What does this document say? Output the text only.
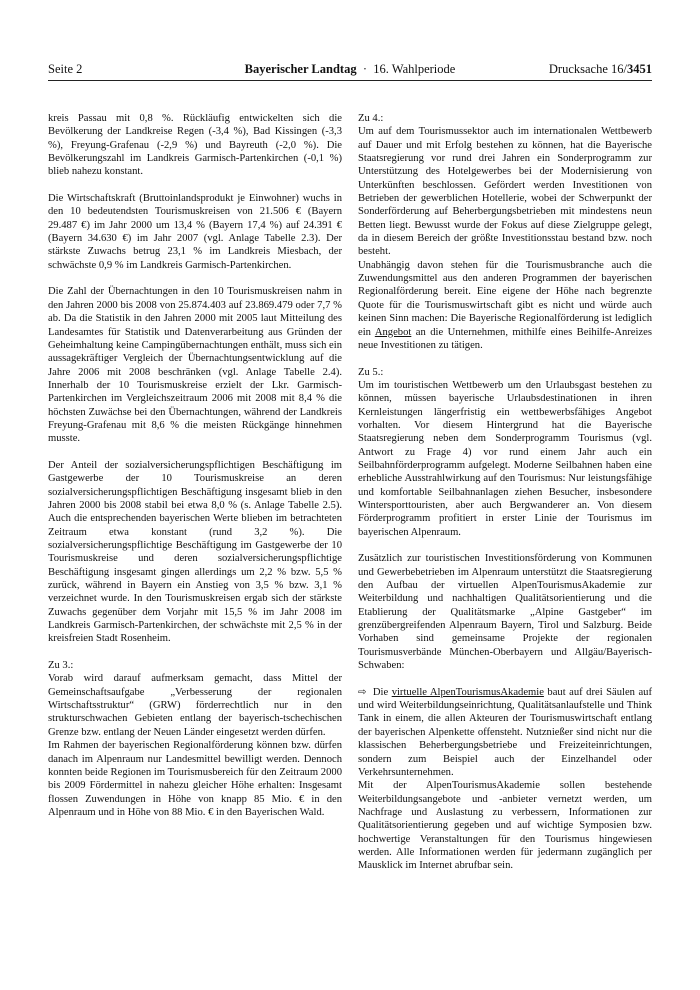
Seite 2	Bayerischer Landtag · 16. Wahlperiode	Drucksache 16/3451

kreis Passau mit 0,8 %. Rückläufig entwickelten sich die Bevölkerung der Landkreise Regen (-3,4 %), Bad Kissingen (-3,3 %), Freyung-Grafenau (-2,9 %) und Bayreuth (-2,0 %). Die Bevölkerungszahl im Landkreis Garmisch-Partenkirchen (-0,1 %) blieb nahezu konstant.

Die Wirtschaftskraft (Bruttoinlandsprodukt je Einwohner) wuchs in den 10 bedeutendsten Tourismuskreisen von 21.506 € (Bayern 29.487 €) im Jahr 2000 um 13,4 % (Bayern 17,4 %) auf 24.391 € (Bayern 34.630 €) im Jahr 2007 (vgl. Anlage Tabelle 2.3). Der stärkste Zuwachs betrug 23,1 % im Landkreis Miesbach, der schwächste 0,9 % im Landkreis Garmisch-Partenkirchen.

Die Zahl der Übernachtungen in den 10 Tourismuskreisen nahm in den Jahren 2000 bis 2008 von 25.874.403 auf 23.869.479 oder 7,7 % ab. Da die Statistik in den Jahren 2000 mit 2005 laut Mitteilung des Landesamtes für Statistik und Datenverarbeitung aus Gründen der Geheimhaltung keine Campingübernachtungen enthält, muss sich ein aussagekräftiger Vergleich der Übernachtungsentwicklung auf die Jahre 2006 mit 2008 beschränken (vgl. Anlage Tabelle 2.4). Innerhalb der 10 Tourismuskreise erzielt der Lkr. Garmisch-Partenkirchen im Vergleichszeitraum 2006 mit 2008 mit 8,4 % die höchsten Zuwächse bei den Übernachtungen, während der Landkreis Freyung-Grafenau mit 8,6 % die meisten Rückgänge hinnehmen musste.

Der Anteil der sozialversicherungspflichtigen Beschäftigung im Gastgewerbe der 10 Tourismuskreise an deren sozialversicherungspflichtigen Beschäftigung insgesamt blieb in den Jahren 2000 bis 2008 stabil bei etwa 8,0 % (s. Anlage Tabelle 2.5). Auch die entsprechenden bayerischen Werte blieben im betrachteten Zeitraum etwa konstant (rund 3,2 %). Die sozialversicherungspflichtige Beschäftigung im Gastgewerbe der 10 Tourismuskreise und deren sozialversicherungspflichtige Beschäftigung insgesamt gingen allerdings um 2,2 % bzw. 5,5 % zurück, während in Bayern ein Anstieg von 3,5 % bzw. 3,1 % verzeichnet wurde. In den Tourismuskreisen ergab sich der stärkste Zuwachs gegenüber dem Vorjahr mit 15,5 % im Jahr 2008 im Landkreis Garmisch-Partenkirchen, der schwächste mit 2,5 % in der kreisfreien Stadt Rosenheim.

Zu 3.:

Vorab wird darauf aufmerksam gemacht, dass Mittel der Gemeinschaftsaufgabe „Verbesserung der regionalen Wirtschaftsstruktur“ (GRW) förderrechtlich nur in den strukturschwachen Gebieten entlang der bayerisch-tschechischen Grenze bzw. entlang der Neuen Länder eingesetzt werden dürfen.

Im Rahmen der bayerischen Regionalförderung können bzw. dürfen danach im Alpenraum nur Landesmittel bewilligt werden. Dennoch konnten beide Regionen im Tourismusbereich für den Zeitraum 2000 bis 2009 Fördermittel in nahezu gleicher Höhe erhalten: Insgesamt flossen Zuwendungen in Höhe von knapp 85 Mio. € in den Alpenraum und in Höhe von 88 Mio. € in den Bayerischen Wald.

Zu 4.:

Um auf dem Tourismussektor auch im internationalen Wettbewerb auf Dauer und mit Erfolg bestehen zu können, hat die Bayerische Staatsregierung vor rund drei Jahren ein Sonderprogramm zur Unterstützung des Hotelgewerbes bei der Modernisierung von Unterkünften beschlossen. Gefördert werden Investitionen von Betrieben der gewerblichen Hotellerie, wobei der Schwerpunkt der Sonderförderung auf Beherbergungsbetrieben mit mindestens neun Betten liegt. Bewusst wurde der Fokus auf diese Zielgruppe gelegt, da in diesem Bereich der größte Investitionsstau bestand bzw. noch besteht.

Unabhängig davon stehen für die Tourismusbranche auch die Zuwendungsmittel aus den anderen Programmen der bayerischen Regionalförderung bereit. Eine eigene der Höhe nach begrenzte Quote für die Tourismuswirtschaft gibt es nicht und würde auch keinen Sinn machen: Die Bayerische Regionalförderung ist lediglich ein Angebot an die Unternehmen, mithilfe eines Beihilfe-Anreizes neue Investitionen zu tätigen.

Zu 5.:

Um im touristischen Wettbewerb um den Urlaubsgast bestehen zu können, müssen bayerische Urlaubsdestinationen in ihren Kernleistungen längerfristig ein wettbewerbsfähiges Angebot vorhalten. Vor diesem Hintergrund hat die Bayerische Staatsregierung neben dem Sonderprogramm Tourismus (vgl. Antwort zu Frage 4) vor rund einem Jahr auch ein Seilbahnförderprogramm aufgelegt. Moderne Seilbahnen haben eine erhebliche Ausstrahlwirkung auf den Tourismus: Nur leistungsfähige und komfortable Seilbahnanlagen ziehen Besucher, insbesondere Wintersporttouristen, aber auch Bergwanderer an. Von diesem Förderprogramm profitiert in erster Linie der Tourismus im bayerischen Alpenraum.

Zusätzlich zur touristischen Investitionsförderung von Kommunen und Gewerbebetrieben im Alpenraum unterstützt die Staatsregierung den Aufbau der virtuellen AlpenTourismusAkademie zur Weiterbildung und nachhaltigen Qualitätsorientierung und die Etablierung der Qualitätsmarke „Alpine Gastgeber“ im grenzübergreifenden Alpenraum Bayern, Tirol und Salzburg. Beide Vorhaben sind gemeinsame Projekte der regionalen Tourismusverbände München-Oberbayern und Allgäu/Bayerisch-Schwaben:

⇨ Die virtuelle AlpenTourismusAkademie baut auf drei Säulen auf und wird Weiterbildungseinrichtung, Qualitätsanlaufstelle und Think Tank in einem, die allen Akteuren der Tourismuswirtschaft entlang der bayerischen Alpenkette offensteht. Nutznießer sind nicht nur die klassischen Beherbergungsbetriebe und Freizeiteinrichtungen, sondern zum Beispiel auch der Einzelhandel oder Verkehrsunternehmen.

Mit der AlpenTourismusAkademie sollen bestehende Weiterbildungsangebote und -anbieter vernetzt werden, um Nachfrage und Auslastung zu verbessern, Informationen zur Qualitätsorientierung gegeben und auf wichtige Symposien bzw. hochwertige Veranstaltungen für den Tourismus hingewiesen werden. Alle Informationen werden für jedermann zugänglich per Mausklick im Internet abrufbar sein.
